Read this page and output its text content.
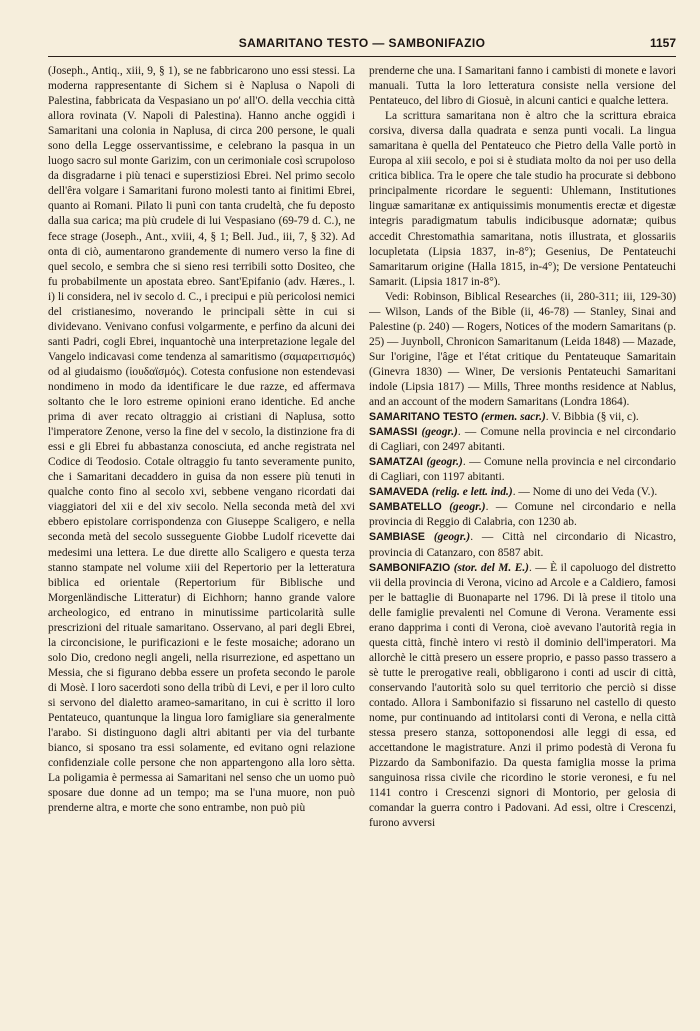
SAMARITANO TESTO — SAMBONIFAZIO	1157

(Joseph., Antiq., xiii, 9, § 1), se ne fabbricarono uno essi stessi. La moderna rappresentante di Sichem si è Naplusa o Napoli di Palestina, fabbricata da Vespasiano un po' all'O. della vecchia città allora rovinata (V. Napoli di Palestina). Hanno anche oggidì i Samaritani una colonia in Naplusa, di circa 200 persone, le quali sono della Legge osservantissime, e celebrano la pasqua in un luogo sacro sul monte Garizim, con un cerimoniale così scrupoloso da disgradarne i più tenaci e superstiziosi Ebrei. Nel primo secolo dell'êra volgare i Samaritani furono molesti tanto ai finitimi Ebrei, quanto ai Romani. Pilato li punì con tanta crudeltà, che fu deposto dalla sua carica; ma più crudele di lui Vespasiano (69-79 d. C.), ne fece strage (Joseph., Ant., xviii, 4, § 1; Bell. Jud., iii, 7, § 32). Ad onta di ciò, aumentarono grandemente di numero verso la fine di quel secolo, e sembra che si sieno resi terribili sotto Dositeo, che fu probabilmente un apostata ebreo. Sant'Epifanio (adv. Hæres., l. i) li considera, nel iv secolo d. C., i precipui e più pericolosi nemici del cristianesimo, noverando le principali sètte in cui si dividevano. Venivano confusi volgarmente, e perfino da alcuni dei santi Padri, cogli Ebrei, inquantochè una interpretazione legale del Vangelo indicavasi come tendenza al samaritismo (σαμαρειτισμός) od al giudaismo (ἰουδαϊσμός). Cotesta confusione non estendevasi nondimeno in modo da identificare le due razze, ed affermava soltanto che le loro estreme opinioni erano identiche. Ed anche prima di aver recato oltraggio ai cristiani di Naplusa, sotto l'imperatore Zenone, verso la fine del v secolo, la distinzione fra di essi e gli Ebrei fu abbastanza conosciuta, ed anche registrata nel Codice di Teodosio. Cotale oltraggio fu tanto severamente punito, che i Samaritani decaddero in guisa da non essere più tenuti in qualche conto fino al secolo xvi, sebbene vengano ricordati dai viaggiatori del xii e del xiv secolo. Nella seconda metà del xvi ebbero epistolare corrispondenza con Giuseppe Scaligero, e nella seconda metà del secolo susseguente Giobbe Ludolf ricevette dai medesimi una lettera. Le due dirette allo Scaligero e questa terza stanno stampate nel volume xiii del Repertorio per la letteratura biblica ed orientale (Repertorium für Biblische und Morgenländische Litteratur) di Eichhorn; hanno grande valore archeologico, ed entrano in minutissime particolarità sulle prescrizioni del rituale samaritano. Osservano, al pari degli Ebrei, la circoncisione, le purificazioni e le feste mosaiche; adorano un solo Dio, credono negli angeli, nella risurrezione, ed aspettano un Messia, che si figurano debba essere un profeta secondo le parole di Mosè. I loro sacerdoti sono della tribù di Levi, e per il loro culto si servono del dialetto arameo-samaritano, in cui è scritto il loro Pentateuco, quantunque la lingua loro famigliare sia generalmente l'arabo. Si distinguono dagli altri abitanti per via del turbante bianco, si sposano tra essi solamente, ed evitano ogni relazione confidenziale colle persone che non appartengono alla loro sètta. La poligamia è permessa ai Samaritani nel senso che un uomo può sposare due donne ad un tempo; ma se l'una muore, non può prenderne altra, e morte che sono entrambe, non può più

prenderne che una. I Samaritani fanno i cambisti di monete e lavori manuali. Tutta la loro letteratura consiste nella versione del Pentateuco, del libro di Giosuè, in alcuni cantici e qualche lettera.

La scrittura samaritana non è altro che la scrittura ebraica corsiva, diversa dalla quadrata e senza punti vocali. La lingua samaritana è quella del Pentateuco che Pietro della Valle portò in Europa al xiii secolo, e poi si è studiata molto da noi per uso della critica biblica. Tra le opere che tale studio ha procurate si debbono principalmente ricordare le seguenti: Uhlemann, Institutiones linguæ samaritanæ ex antiquissimis monumentis erectæ et digestæ integris paradigmatum tabulis indicibusque adornatæ; quibus accedit Chrestomathia samaritana, notis illustrata, et glossariis locupletata (Lipsia 1837, in-8°); Gesenius, De Pentateuchi Samaritarum origine (Halla 1815, in-4°); De versione Pentateuchi Samarit. (Lipsia 1817 in-8°).

Vedi: Robinson, Biblical Researches (ii, 280-311; iii, 129-30) — Wilson, Lands of the Bible (ii, 46-78) — Stanley, Sinai and Palestine (p. 240) — Rogers, Notices of the modern Samaritans (p. 25) — Juynboll, Chronicon Samaritanum (Leida 1848) — Mazade, Sur l'origine, l'âge et l'état critique du Pentateuque Samaritain (Ginevra 1830) — Winer, De versionis Pentateuchi Samaritani indole (Lipsia 1817) — Mills, Three months residence at Nablus, and an account of the modern Samaritans (Londra 1864).

SAMARITANO TESTO (ermen. sacr.). V. Bibbia (§ vii, c).

SAMASSI (geogr.). — Comune nella provincia e nel circondario di Cagliari, con 2497 abitanti.

SAMATZAI (geogr.). — Comune nella provincia e nel circondario di Cagliari, con 1197 abitanti.

SAMAVEDA (relig. e lett. ind.). — Nome di uno dei Veda (V.).

SAMBATELLO (geogr.). — Comune nel circondario e nella provincia di Reggio di Calabria, con 1230 ab.

SAMBIASE (geogr.). — Città nel circondario di Nicastro, provincia di Catanzaro, con 8587 abit.

SAMBONIFAZIO (stor. del M. E.). — È il capoluogo del distretto vii della provincia di Verona, vicino ad Arcole e a Caldiero, famosi per le battaglie di Buonaparte nel 1796. Di là prese il titolo una delle famiglie prevalenti nel Comune di Verona. Veramente essi erano dapprima i conti di Verona, cioè avevano l'autorità regia in questa città, finchè intero vi restò il dominio dell'imperatori. Ma allorchè le città presero un essere proprio, e passo passo trassero a sè tutte le prerogative reali, obbligarono i conti ad uscir di città, conservando l'autorità solo su quel territorio che perciò si disse contado. Allora i Sambonifazio si fissaruno nel castello di questo nome, pur continuando ad intitolarsi conti di Verona, e nella città stessa presero stanza, sottoponendosi alle leggi di essa, ed accettandone le magistrature. Anzi il primo podestà di Verona fu Pizzardo da Sambonifazio. Da questa famiglia mosse la prima sanguinosa rissa civile che ricordino le storie veronesi, e fu nel 1141 contro i Crescenzi signori di Montorio, per gelosia di comandar la guerra contro i Padovani. Ad essi, oltre i Crescenzi, furono avversi
